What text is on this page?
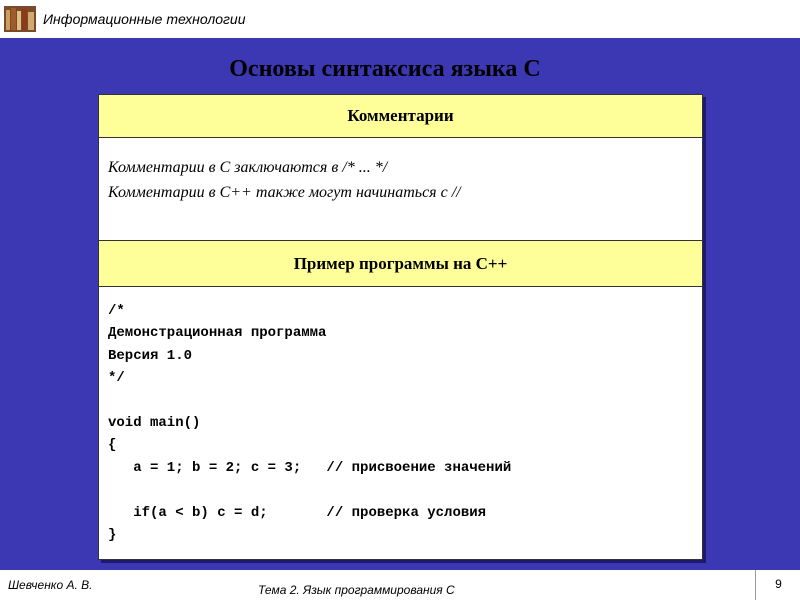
Информационные технологии
Основы синтаксиса языка С
Комментарии
Комментарии в С заключаются в /* ... */
Комментарии в С++ также могут начинаться с //
Пример программы на С++
/*
Демонстрационная программа
Версия 1.0
*/
void main()
{
a = 1; b = 2; c = 3;   // присвоение значений
if(a < b) c = d;       // проверка условия
}
Шевченко А. В.	Тема 2. Язык программирования С	9
